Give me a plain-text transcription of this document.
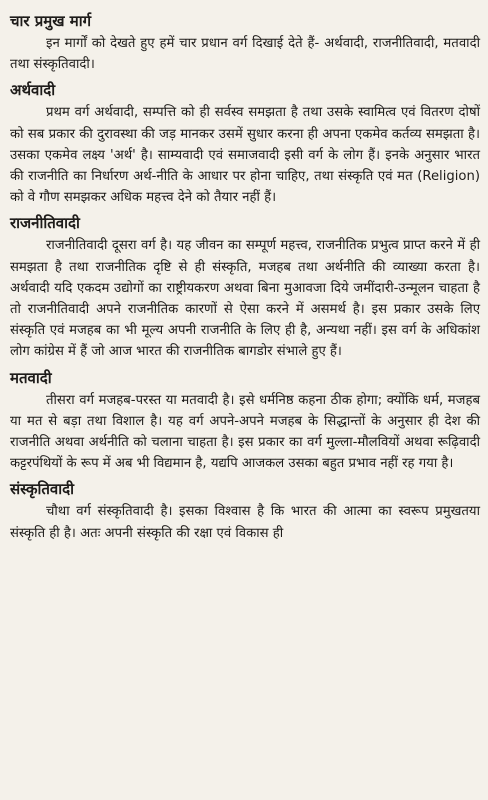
चार प्रमुख मार्ग

इन मार्गों को देखते हुए हमें चार प्रधान वर्ग दिखाई देते हैं- अर्थवादी, राजनीतिवादी, मतवादी तथा संस्कृतिवादी।

अर्थवादी

प्रथम वर्ग अर्थवादी, सम्पत्ति को ही सर्वस्व समझता है तथा उसके स्वामित्व एवं वितरण दोषों को सब प्रकार की दुरावस्था की जड़ मानकर उसमें सुधार करना ही अपना एकमेव कर्तव्य समझता है। उसका एकमेव लक्ष्य 'अर्थ' है। साम्यवादी एवं समाजवादी इसी वर्ग के लोग हैं। इनके अनुसार भारत की राजनीति का निर्धारण अर्थ-नीति के आधार पर होना चाहिए, तथा संस्कृति एवं मत (Religion) को वे गौण समझकर अधिक महत्त्व देने को तैयार नहीं हैं।

राजनीतिवादी

राजनीतिवादी दूसरा वर्ग है। यह जीवन का सम्पूर्ण महत्त्व, राजनीतिक प्रभुत्व प्राप्त करने में ही समझता है तथा राजनीतिक दृष्टि से ही संस्कृति, मजहब तथा अर्थनीति की व्याख्या करता है। अर्थवादी यदि एकदम उद्योगों का राष्ट्रीयकरण अथवा बिना मुआवजा दिये जमींदारी-उन्मूलन चाहता है तो राजनीतिवादी अपने राजनीतिक कारणों से ऐसा करने में असमर्थ है। इस प्रकार उसके लिए संस्कृति एवं मजहब का भी मूल्य अपनी राजनीति के लिए ही है, अन्यथा नहीं। इस वर्ग के अधिकांश लोग कांग्रेस में हैं जो आज भारत की राजनीतिक बागडोर संभाले हुए हैं।

मतवादी

तीसरा वर्ग मजहब-परस्त या मतवादी है। इसे धर्मनिष्ठ कहना ठीक होगा; क्योंकि धर्म, मजहब या मत से बड़ा तथा विशाल है। यह वर्ग अपने-अपने मजहब के सिद्धान्तों के अनुसार ही देश की राजनीति अथवा अर्थनीति को चलाना चाहता है। इस प्रकार का वर्ग मुल्ला-मौलवियों अथवा रूढ़िवादी कट्टरपंथियों के रूप में अब भी विद्यमान है, यद्यपि आजकल उसका बहुत प्रभाव नहीं रह गया है।

संस्कृतिवादी

चौथा वर्ग संस्कृतिवादी है। इसका विश्वास है कि भारत की आत्मा का स्वरूप प्रमुखतया संस्कृति ही है। अतः अपनी संस्कृति की रक्षा एवं विकास ही
